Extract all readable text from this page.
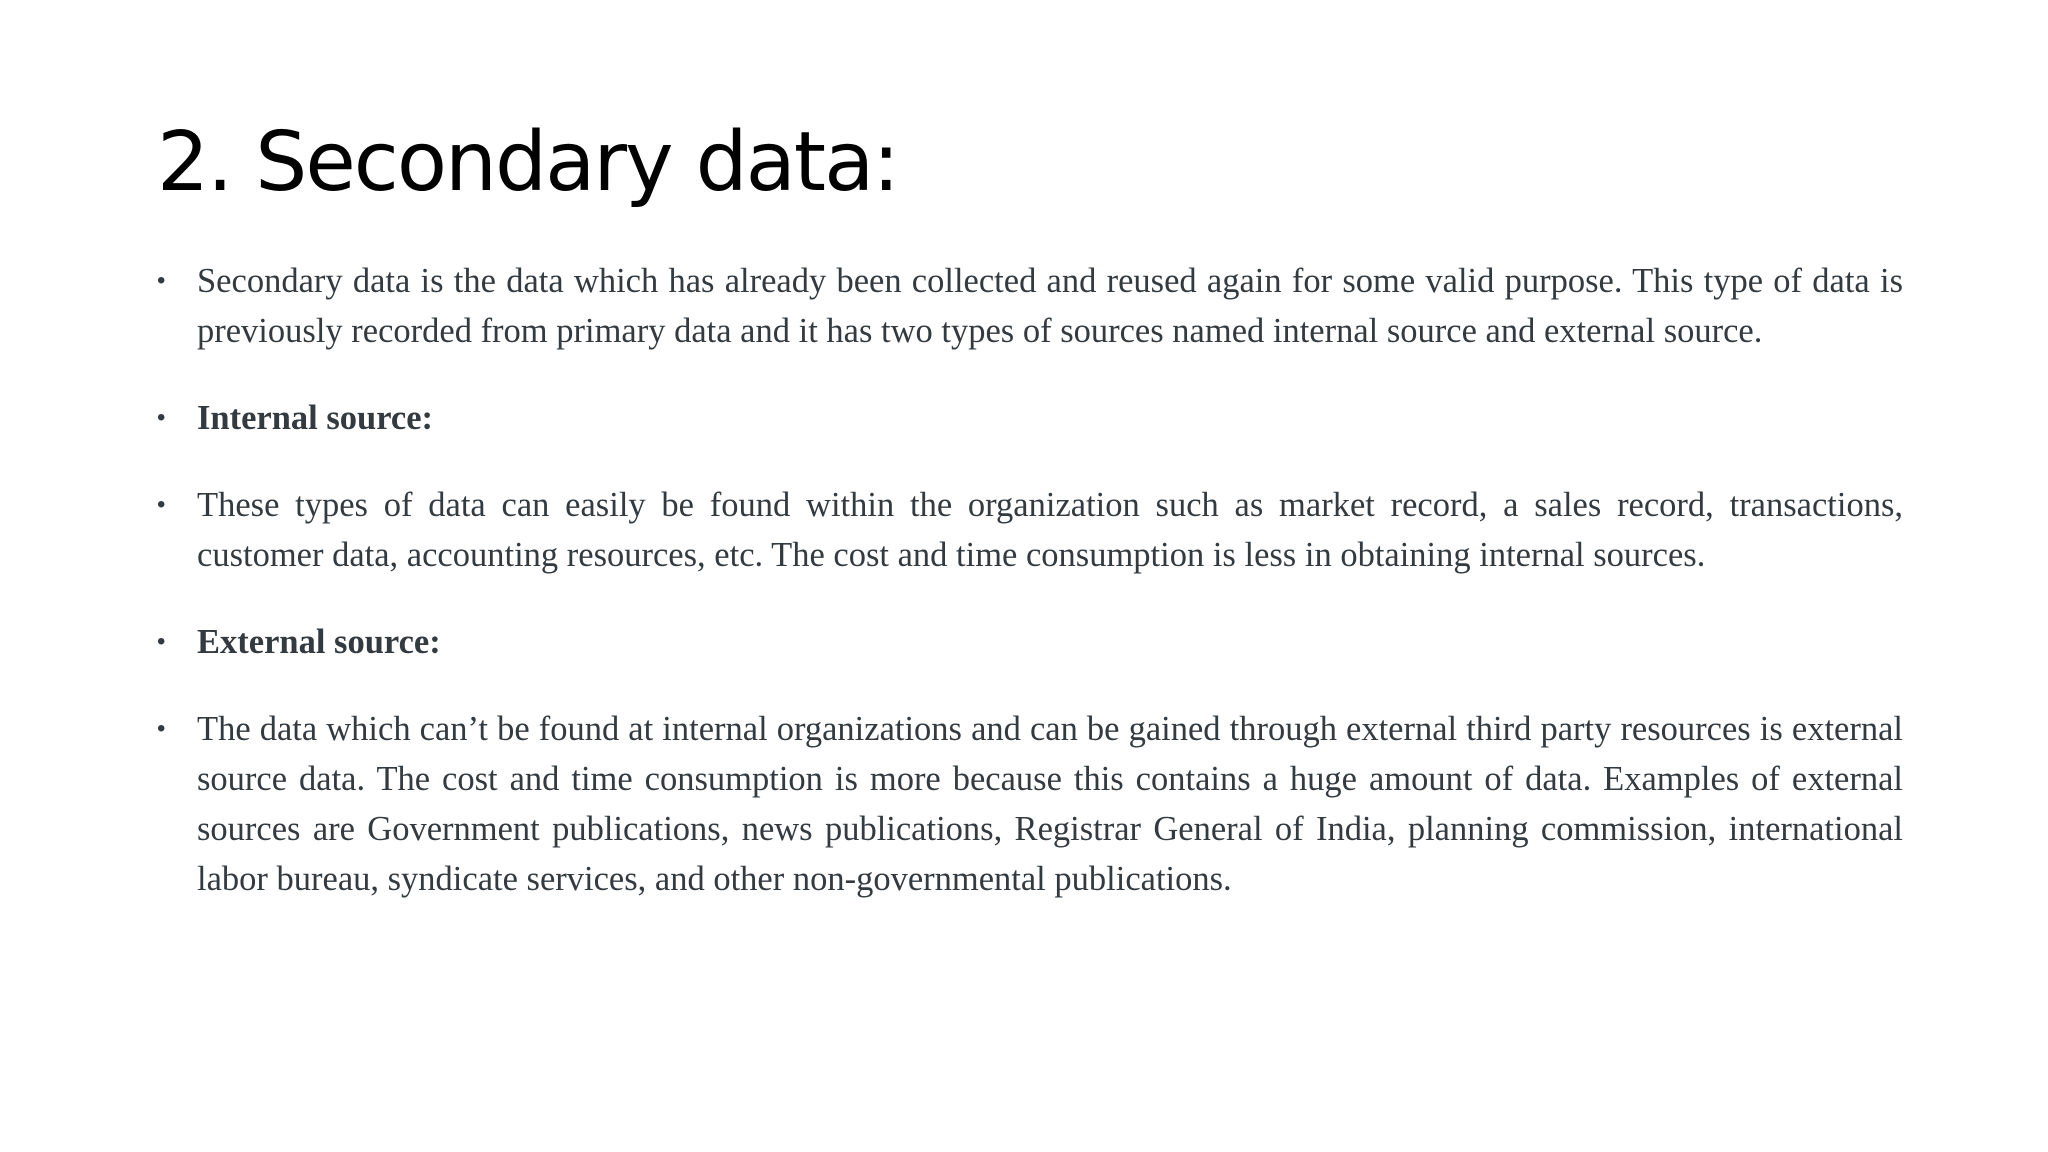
2. Secondary data:
• Secondary data is the data which has already been collected and reused again for some valid purpose. This type of data is previously recorded from primary data and it has two types of sources named internal source and external source.
• Internal source:
• These types of data can easily be found within the organization such as market record, a sales record, transactions, customer data, accounting resources, etc. The cost and time consumption is less in obtaining internal sources.
• External source:
• The data which can’t be found at internal organizations and can be gained through external third party resources is external source data. The cost and time consumption is more because this contains a huge amount of data. Examples of external sources are Government publications, news publications, Registrar General of India, planning commission, international labor bureau, syndicate services, and other non-governmental publications.
